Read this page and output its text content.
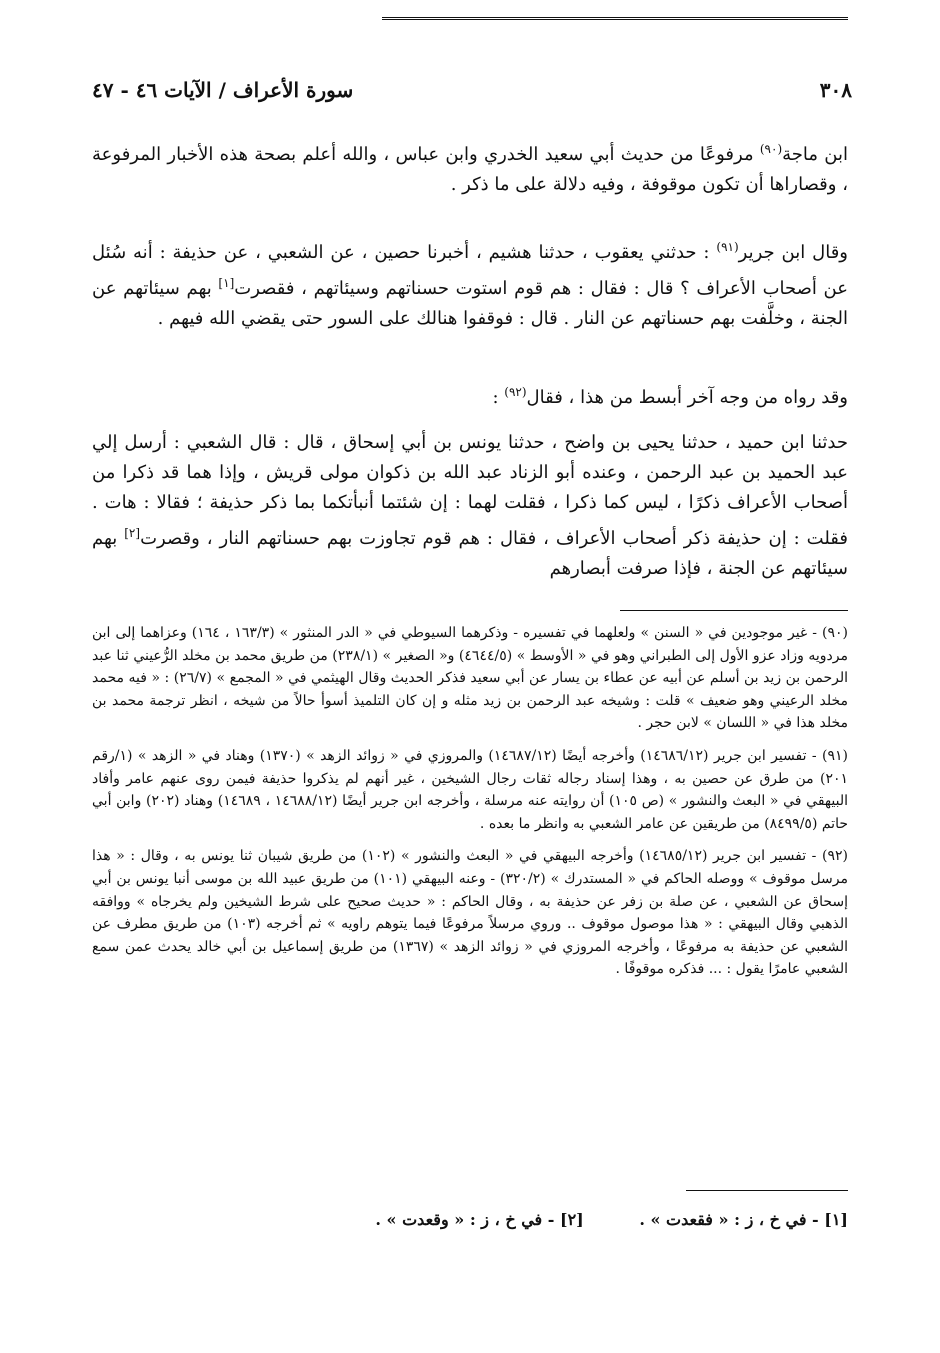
٣٠٨
سورة الأعراف / الآيات ٤٦ - ٤٧

ابن ماجة$^{(٩٠)}$ مرفوعًا من حديث أبي سعيد الخدري وابن عباس ، والله أعلم بصحة هذه الأخبار المرفوعة ، وقصاراها أن تكون موقوفة ، وفيه دلالة على ما ذكر .

وقال ابن جرير$^{(٩١)}$ : حدثني يعقوب ، حدثنا هشيم ، أخبرنا حصين ، عن الشعبي ، عن حذيفة : أنه سُئل عن أصحاب الأعراف ؟ قال : فقال : هم قوم استوت حسناتهم وسيئاتهم ، فقصرت[١] بهم سيئاتهم عن الجنة ، وخلَّفت بهم حسناتهم عن النار . قال : فوقفوا هنالك على السور حتى يقضي الله فيهم .

وقد رواه من وجه آخر أبسط من هذا ، فقال$^{(٩٢)}$ :

حدثنا ابن حميد ، حدثنا يحيى بن واضح ، حدثنا يونس بن أبي إسحاق ، قال : قال الشعبي : أرسل إلي عبد الحميد بن عبد الرحمن ، وعنده أبو الزناد عبد الله بن ذكوان مولى قريش ، وإذا هما قد ذكرا من أصحاب الأعراف ذكرًا ، ليس كما ذكرا ، فقلت لهما : إن شئتما أنبأتكما بما ذكر حذيفة ؛ فقالا : هات . فقلت : إن حذيفة ذكر أصحاب الأعراف ، فقال : هم قوم تجاوزت بهم حسناتهم النار ، وقصرت[٢] بهم سيئاتهم عن الجنة ، فإذا صرفت أبصارهم

(٩٠) - غير موجودين في « السنن » ولعلهما في تفسيره - وذكرهما السيوطي في « الدر المنثور » (١٦٣/٣ ، ١٦٤) وعزاهما إلى ابن مردويه وزاد عزو الأول إلى الطبراني وهو في « الأوسط » (٤٦٤٤/٥) و« الصغير » (٢٣٨/١) من طريق محمد بن مخلد الرُّعيني ثنا عبد الرحمن بن زيد بن أسلم عن أبيه عن عطاء بن يسار عن أبي سعيد فذكر الحديث وقال الهيثمي في « المجمع » (٢٦/٧) : « فيه محمد مخلد الرعيني وهو ضعيف » قلت : وشيخه عبد الرحمن بن زيد مثله و إن كان التلميذ أسوأ حالاً من شيخه ، انظر ترجمة محمد بن مخلد هذا في « اللسان » لابن حجر .

(٩١) - تفسير ابن جرير (١٤٦٨٦/١٢) وأخرجه أيضًا (١٤٦٨٧/١٢) والمروزي في « زوائد الزهد » (١٣٧٠) وهناد في « الزهد » (١/رقم ٢٠١) من طرق عن حصين به ، وهذا إسناد رجاله ثقات رجال الشيخين ، غير أنهم لم يذكروا حذيفة فيمن روى عنهم عامر وأفاد البيهقي في « البعث والنشور » (ص ١٠٥) أن روايته عنه مرسلة ، وأخرجه ابن جرير أيضًا (١٤٦٨٨/١٢ ، ١٤٦٨٩) وهناد (٢٠٢) وابن أبي حاتم (٨٤٩٩/٥) من طريقين عن عامر الشعبي به وانظر ما بعده .

(٩٢) - تفسير ابن جرير (١٤٦٨٥/١٢) وأخرجه البيهقي في « البعث والنشور » (١٠٢) من طريق شيبان ثنا يونس به ، وقال : « هذا مرسل موقوف » ووصله الحاكم في « المستدرك » (٣٢٠/٢) - وعنه البيهقي (١٠١) من طريق عبيد الله بن موسى أنبا يونس بن أبي إسحاق عن الشعبي ، عن صلة بن زفر عن حذيفة به ، وقال الحاكم : « حديث صحيح على شرط الشيخين ولم يخرجاه » ووافقه الذهبي وقال البيهقي : « هذا موصول موقوف .. وروي مرسلاً مرفوعًا فيما يتوهم راويه » ثم أخرجه (١٠٣) من طريق مطرف عن الشعبي عن حذيفة به مرفوعًا ، وأخرجه المروزي في « زوائد الزهد » (١٣٦٧) من طريق إسماعيل بن أبي خالد يحدث عمن سمع الشعبي عامرًا يقول : ... فذكره موقوفًا .

[١] - في خ ، ز : « فقعدت » . [٢] - في خ ، ز : « وقعدت » .
